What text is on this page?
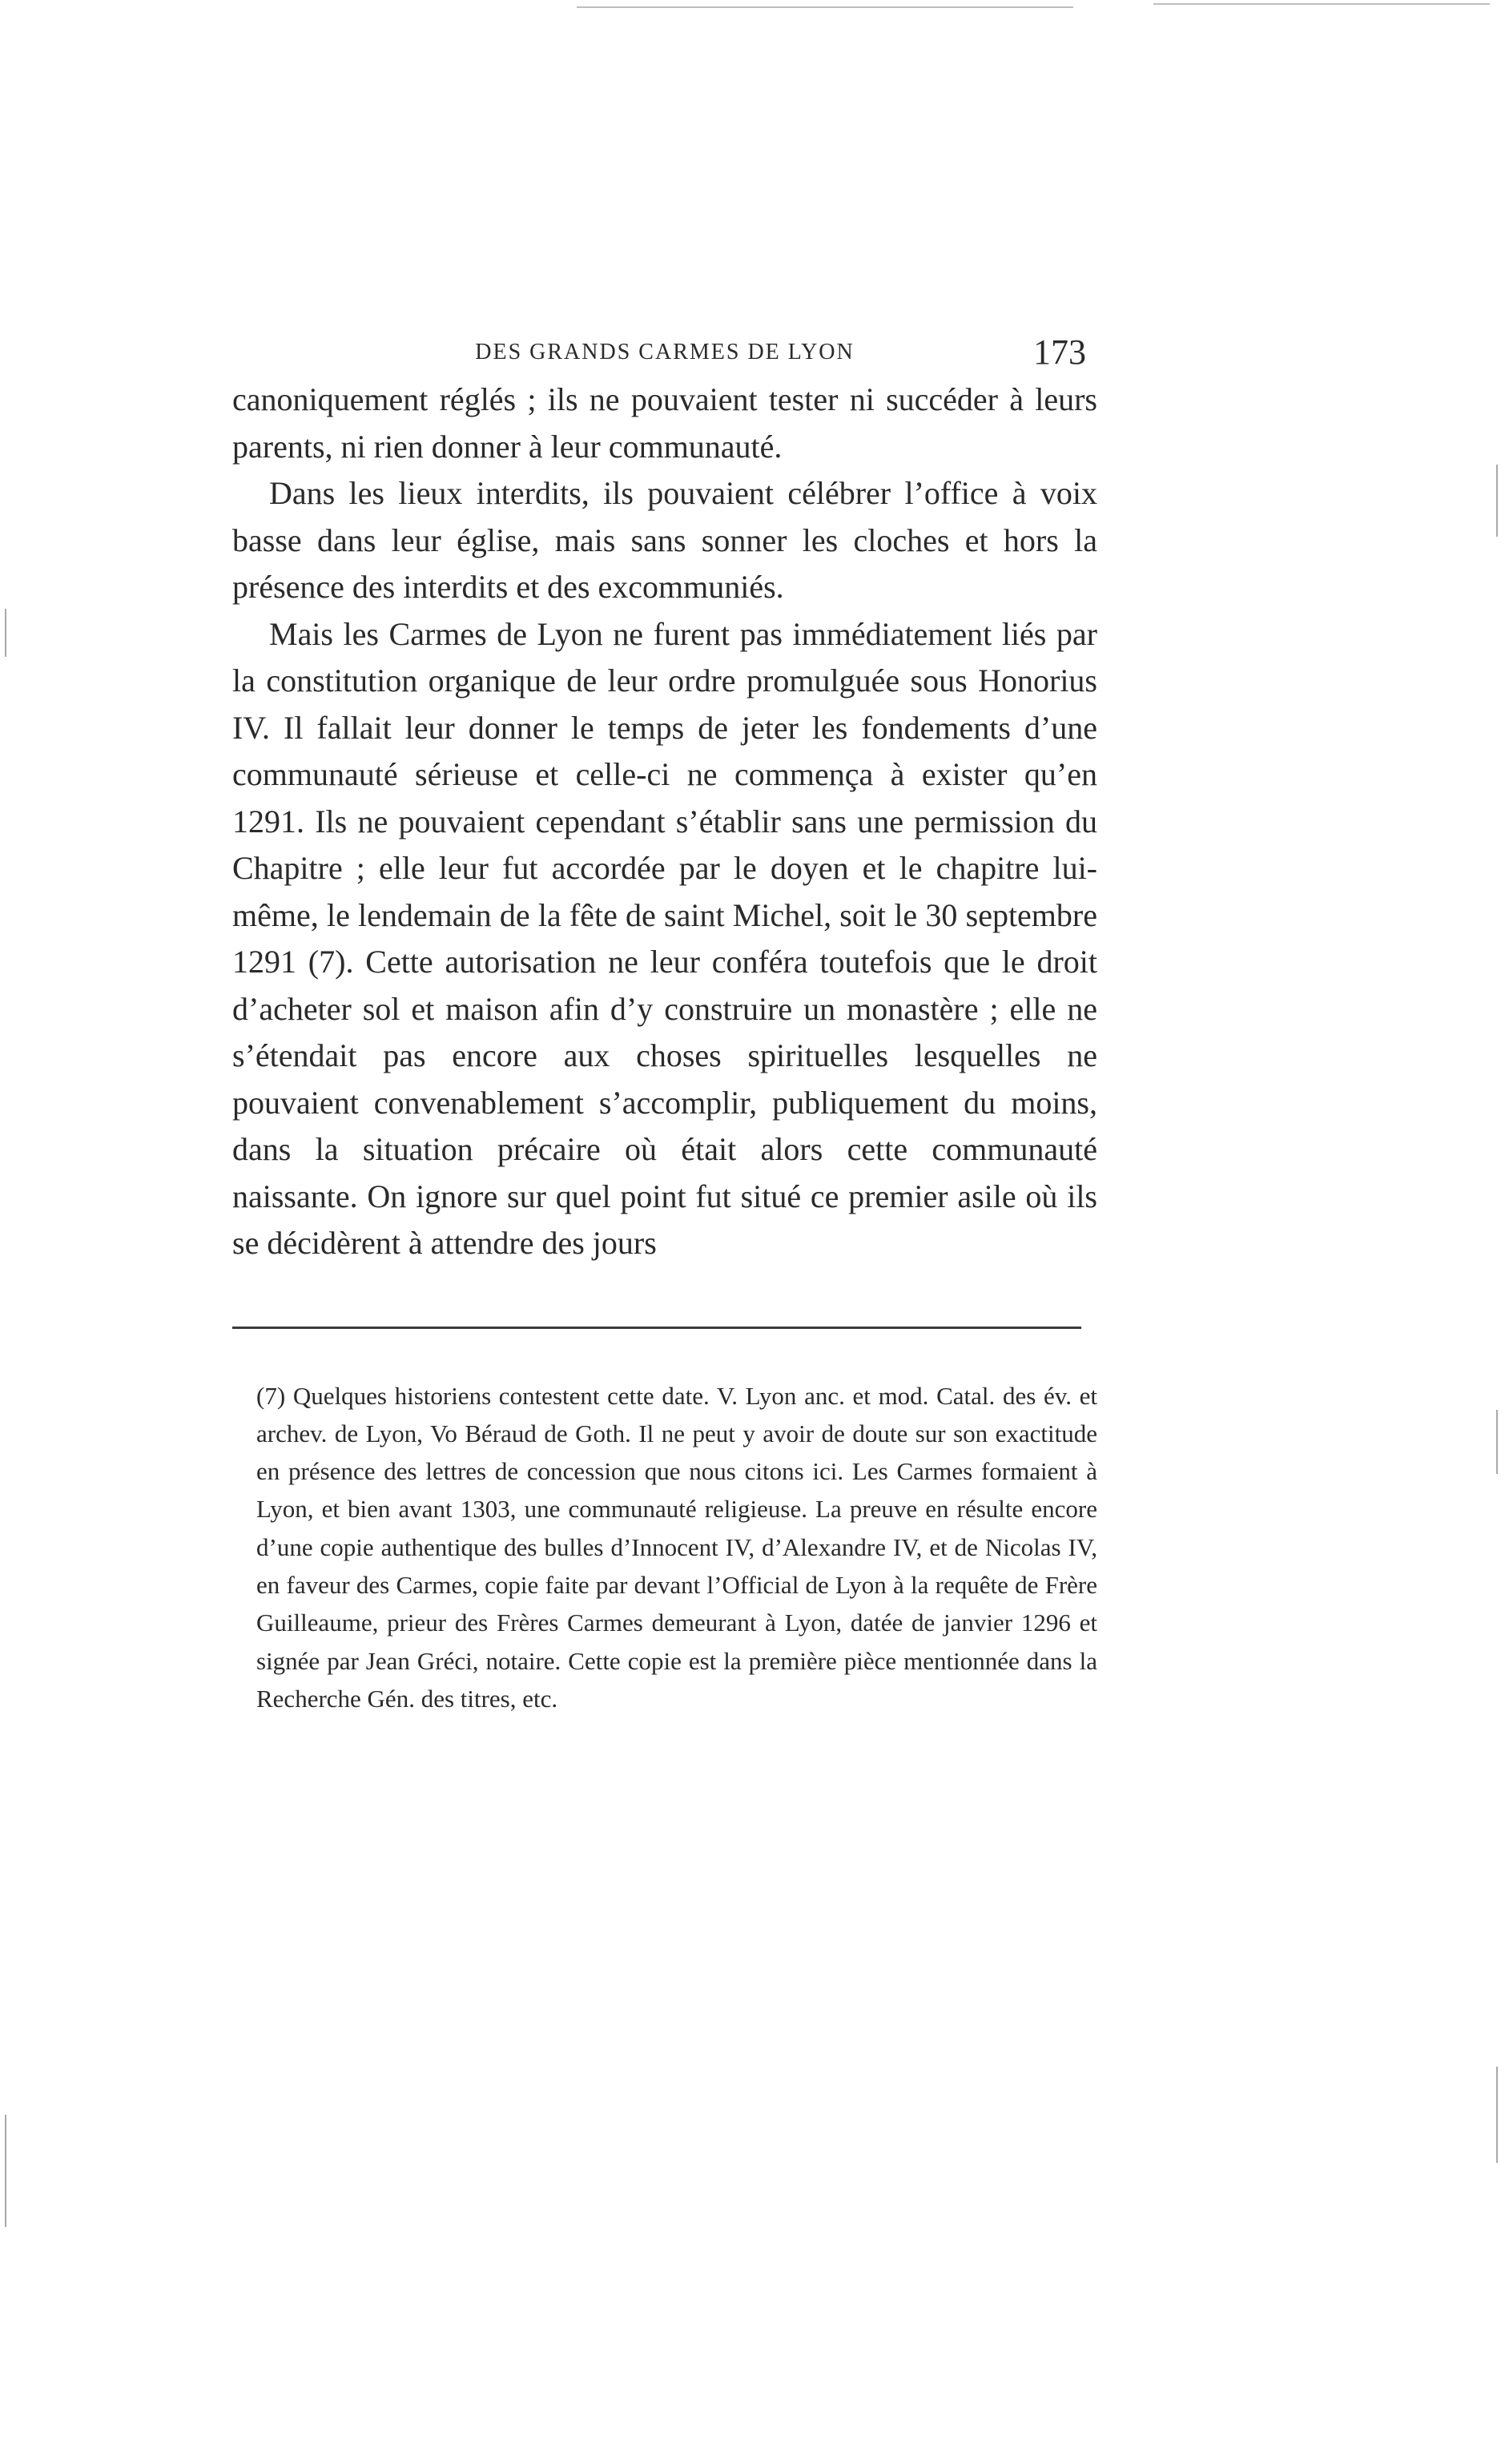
DES GRANDS CARMES DE LYON	173

canoniquement réglés ; ils ne pouvaient tester ni succéder à leurs parents, ni rien donner à leur communauté.

Dans les lieux interdits, ils pouvaient célébrer l’office à voix basse dans leur église, mais sans sonner les cloches et hors la présence des interdits et des excommuniés.

Mais les Carmes de Lyon ne furent pas immédiatement liés par la constitution organique de leur ordre promulguée sous Honorius IV. Il fallait leur donner le temps de jeter les fondements d’une communauté sérieuse et celle-ci ne commença à exister qu’en 1291. Ils ne pouvaient cependant s’établir sans une permission du Chapitre ; elle leur fut accordée par le doyen et le chapitre lui-même, le lendemain de la fête de saint Michel, soit le 30 septembre 1291 (7). Cette autorisation ne leur conféra toutefois que le droit d’acheter sol et maison afin d’y construire un monastère ; elle ne s’étendait pas encore aux choses spirituelles lesquelles ne pouvaient convenablement s’accomplir, publiquement du moins, dans la situation précaire où était alors cette communauté naissante. On ignore sur quel point fut situé ce premier asile où ils se décidèrent à attendre des jours

(7) Quelques historiens contestent cette date. V. Lyon anc. et mod. Catal. des év. et archev. de Lyon, Vo Béraud de Goth. Il ne peut y avoir de doute sur son exactitude en présence des lettres de concession que nous citons ici. Les Carmes formaient à Lyon, et bien avant 1303, une communauté religieuse. La preuve en résulte encore d’une copie authentique des bulles d’Innocent IV, d’Alexandre IV, et de Nicolas IV, en faveur des Carmes, copie faite par devant l’Official de Lyon à la requête de Frère Guilleaume, prieur des Frères Carmes demeurant à Lyon, datée de janvier 1296 et signée par Jean Gréci, notaire. Cette copie est la première pièce mentionnée dans la Recherche Gén. des titres, etc.
